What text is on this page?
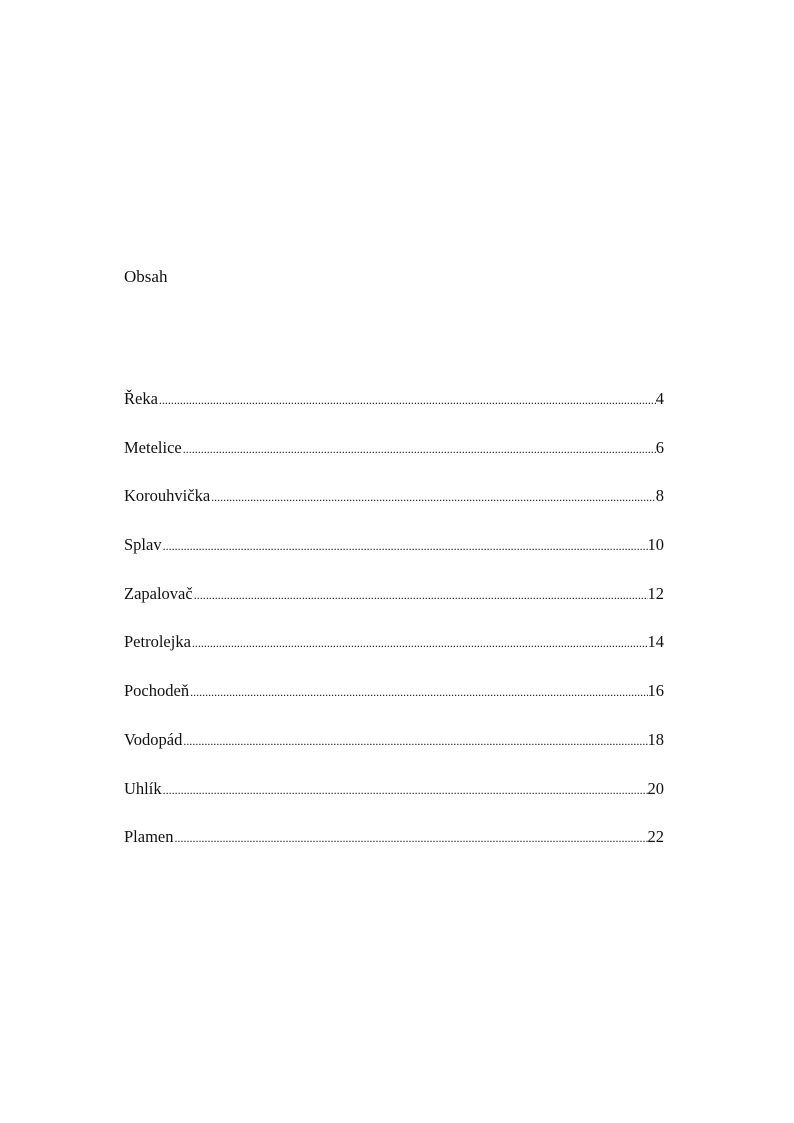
Obsah
Řeka .....	4
Metelice .....	6
Korouhvička .....	8
Splav .....	10
Zapalovač .....	12
Petrolejka .....	14
Pochodeň .....	16
Vodopád .....	18
Uhlík .....	20
Plamen .....	22
